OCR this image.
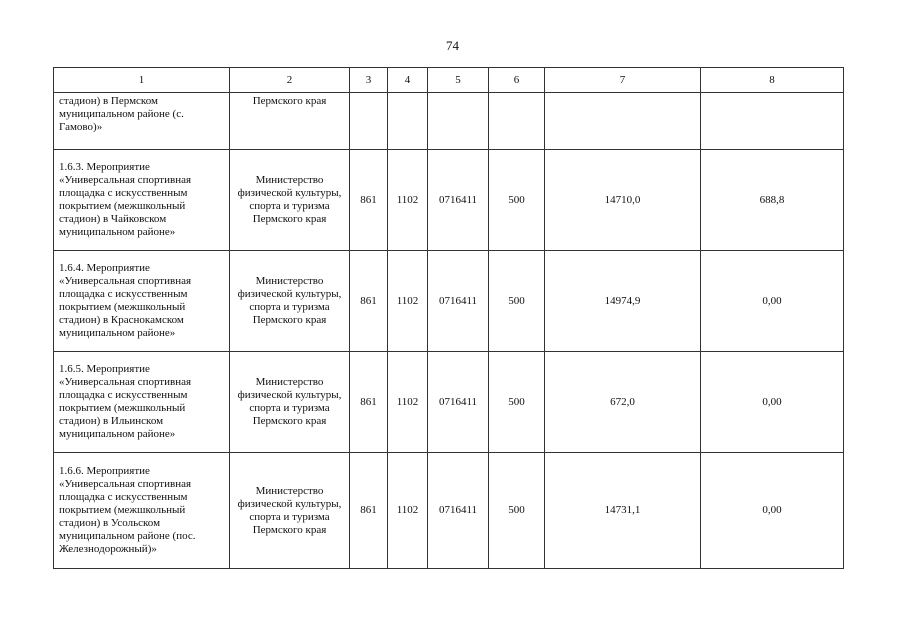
74
1	2	3	4	5	6	7	8
стадион) в Пермском муниципальном районе (с. Гамово)»	Пермского края						
1.6.3. Мероприятие «Универсальная спортивная площадка с искусственным покрытием (межшкольный стадион) в Чайковском муниципальном районе»	Министерство физической культуры, спорта и туризма Пермского края	861	1102	0716411	500	14710,0	688,8
1.6.4. Мероприятие «Универсальная спортивная площадка с искусственным покрытием (межшкольный стадион) в Краснокамском муниципальном районе»	Министерство физической культуры, спорта и туризма Пермского края	861	1102	0716411	500	14974,9	0,00
1.6.5. Мероприятие «Универсальная спортивная площадка с искусственным покрытием (межшкольный стадион) в Ильинском муниципальном районе»	Министерство физической культуры, спорта и туризма Пермского края	861	1102	0716411	500	672,0	0,00
1.6.6. Мероприятие «Универсальная спортивная площадка с искусственным покрытием (межшкольный стадион) в Усольском муниципальном районе (пос. Железнодорожный)»	Министерство физической культуры, спорта и туризма Пермского края	861	1102	0716411	500	14731,1	0,00
